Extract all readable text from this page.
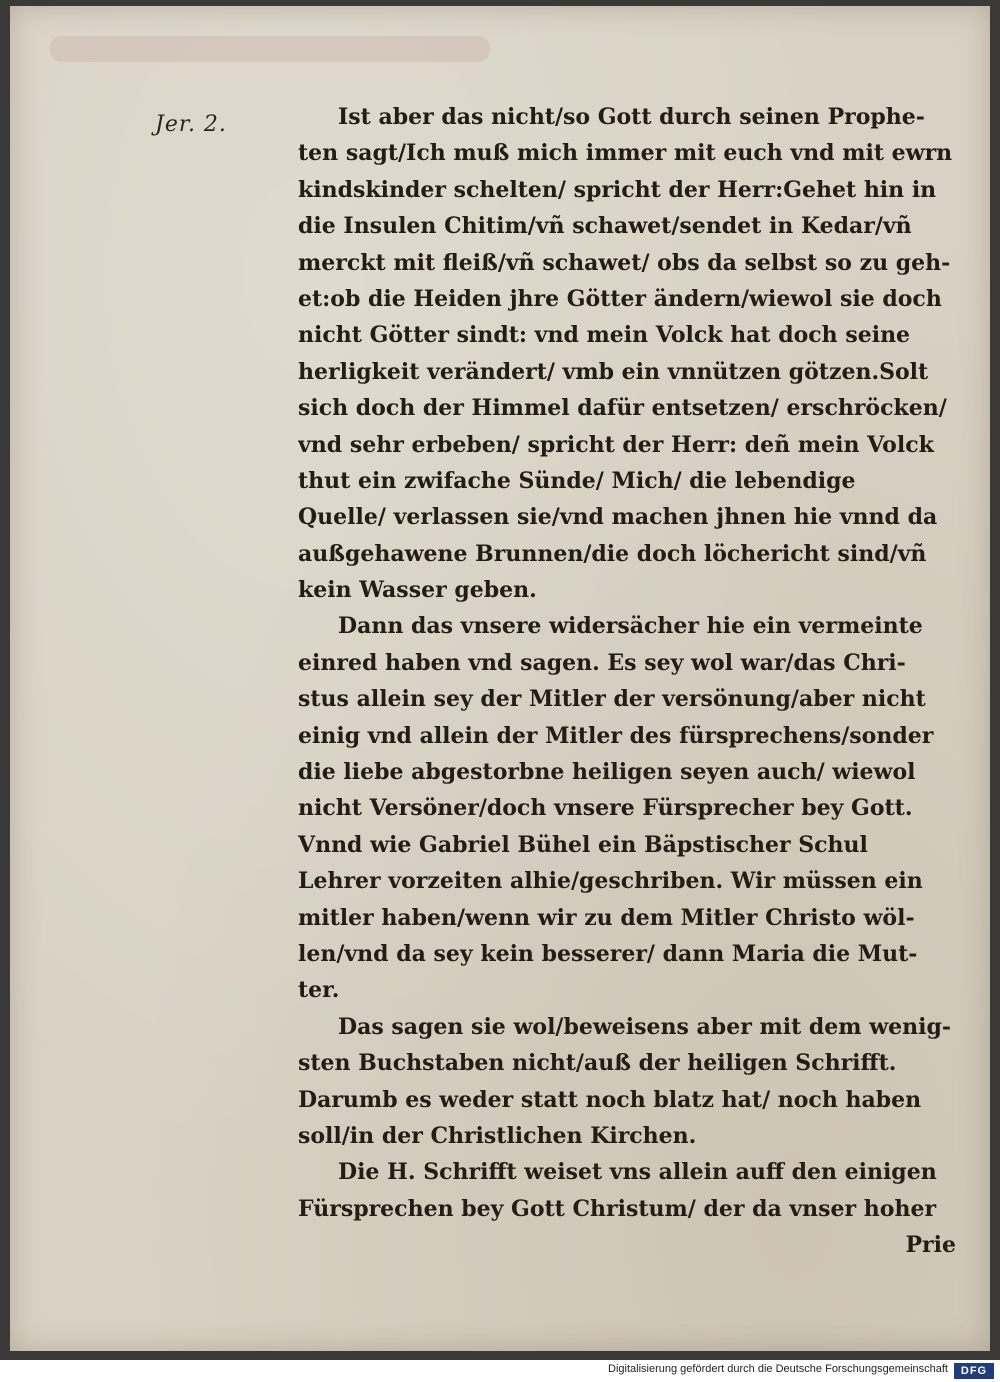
Jer. 2.	Ist aber das nicht/so Gott durch seinen Prophe-
ten sagt/Ich muß mich immer mit euch vnd mit ewrn
kindskinder schelten/ spricht der Herr:Gehet hin in
die Insulen Chitim/vñ schawet/sendet in Kedar/vñ
merckt mit fleiß/vñ schawet/ obs da selbst so zu geh-
et:ob die Heiden jhre Götter ändern/wiewol sie doch
nicht Götter sindt: vnd mein Volck hat doch seine
herligkeit verändert/ vmb ein vnnützen götzen.Solt
sich doch der Himmel dafür entsetzen/ erschröcken/
vnd sehr erbeben/ spricht der Herr: deñ mein Volck
thut ein zwifache Sünde/ Mich/ die lebendige
Quelle/ verlassen sie/vnd machen jhnen hie vnnd da
außgehawene Brunnen/die doch löchericht sind/vñ
kein Wasser geben.
Dann das vnsere widersächer hie ein vermeinte
einred haben vnd sagen. Es sey wol war/das Chri-
stus allein sey der Mitler der versönung/aber nicht
einig vnd allein der Mitler des fürsprechens/sonder
die liebe abgestorbne heiligen seyen auch/ wiewol
nicht Versöner/doch vnsere Fürsprecher bey Gott.
Vnnd wie Gabriel Bühel ein Bäpstischer Schul
Lehrer vorzeiten alhie/geschriben. Wir müssen ein
mitler haben/wenn wir zu dem Mitler Christo wöl-
len/vnd da sey kein besserer/ dann Maria die Mut-
ter.
Das sagen sie wol/beweisens aber mit dem wenig-
sten Buchstaben nicht/auß der heiligen Schrifft.
Darumb es weder statt noch blatz hat/ noch haben
soll/in der Christlichen Kirchen.
Die H. Schrifft weiset vns allein auff den einigen
Fürsprechen bey Gott Christum/ der da vnser hoher
Prie
Digitalisierung gefördert durch die Deutsche Forschungsgemeinschaft	DFG
